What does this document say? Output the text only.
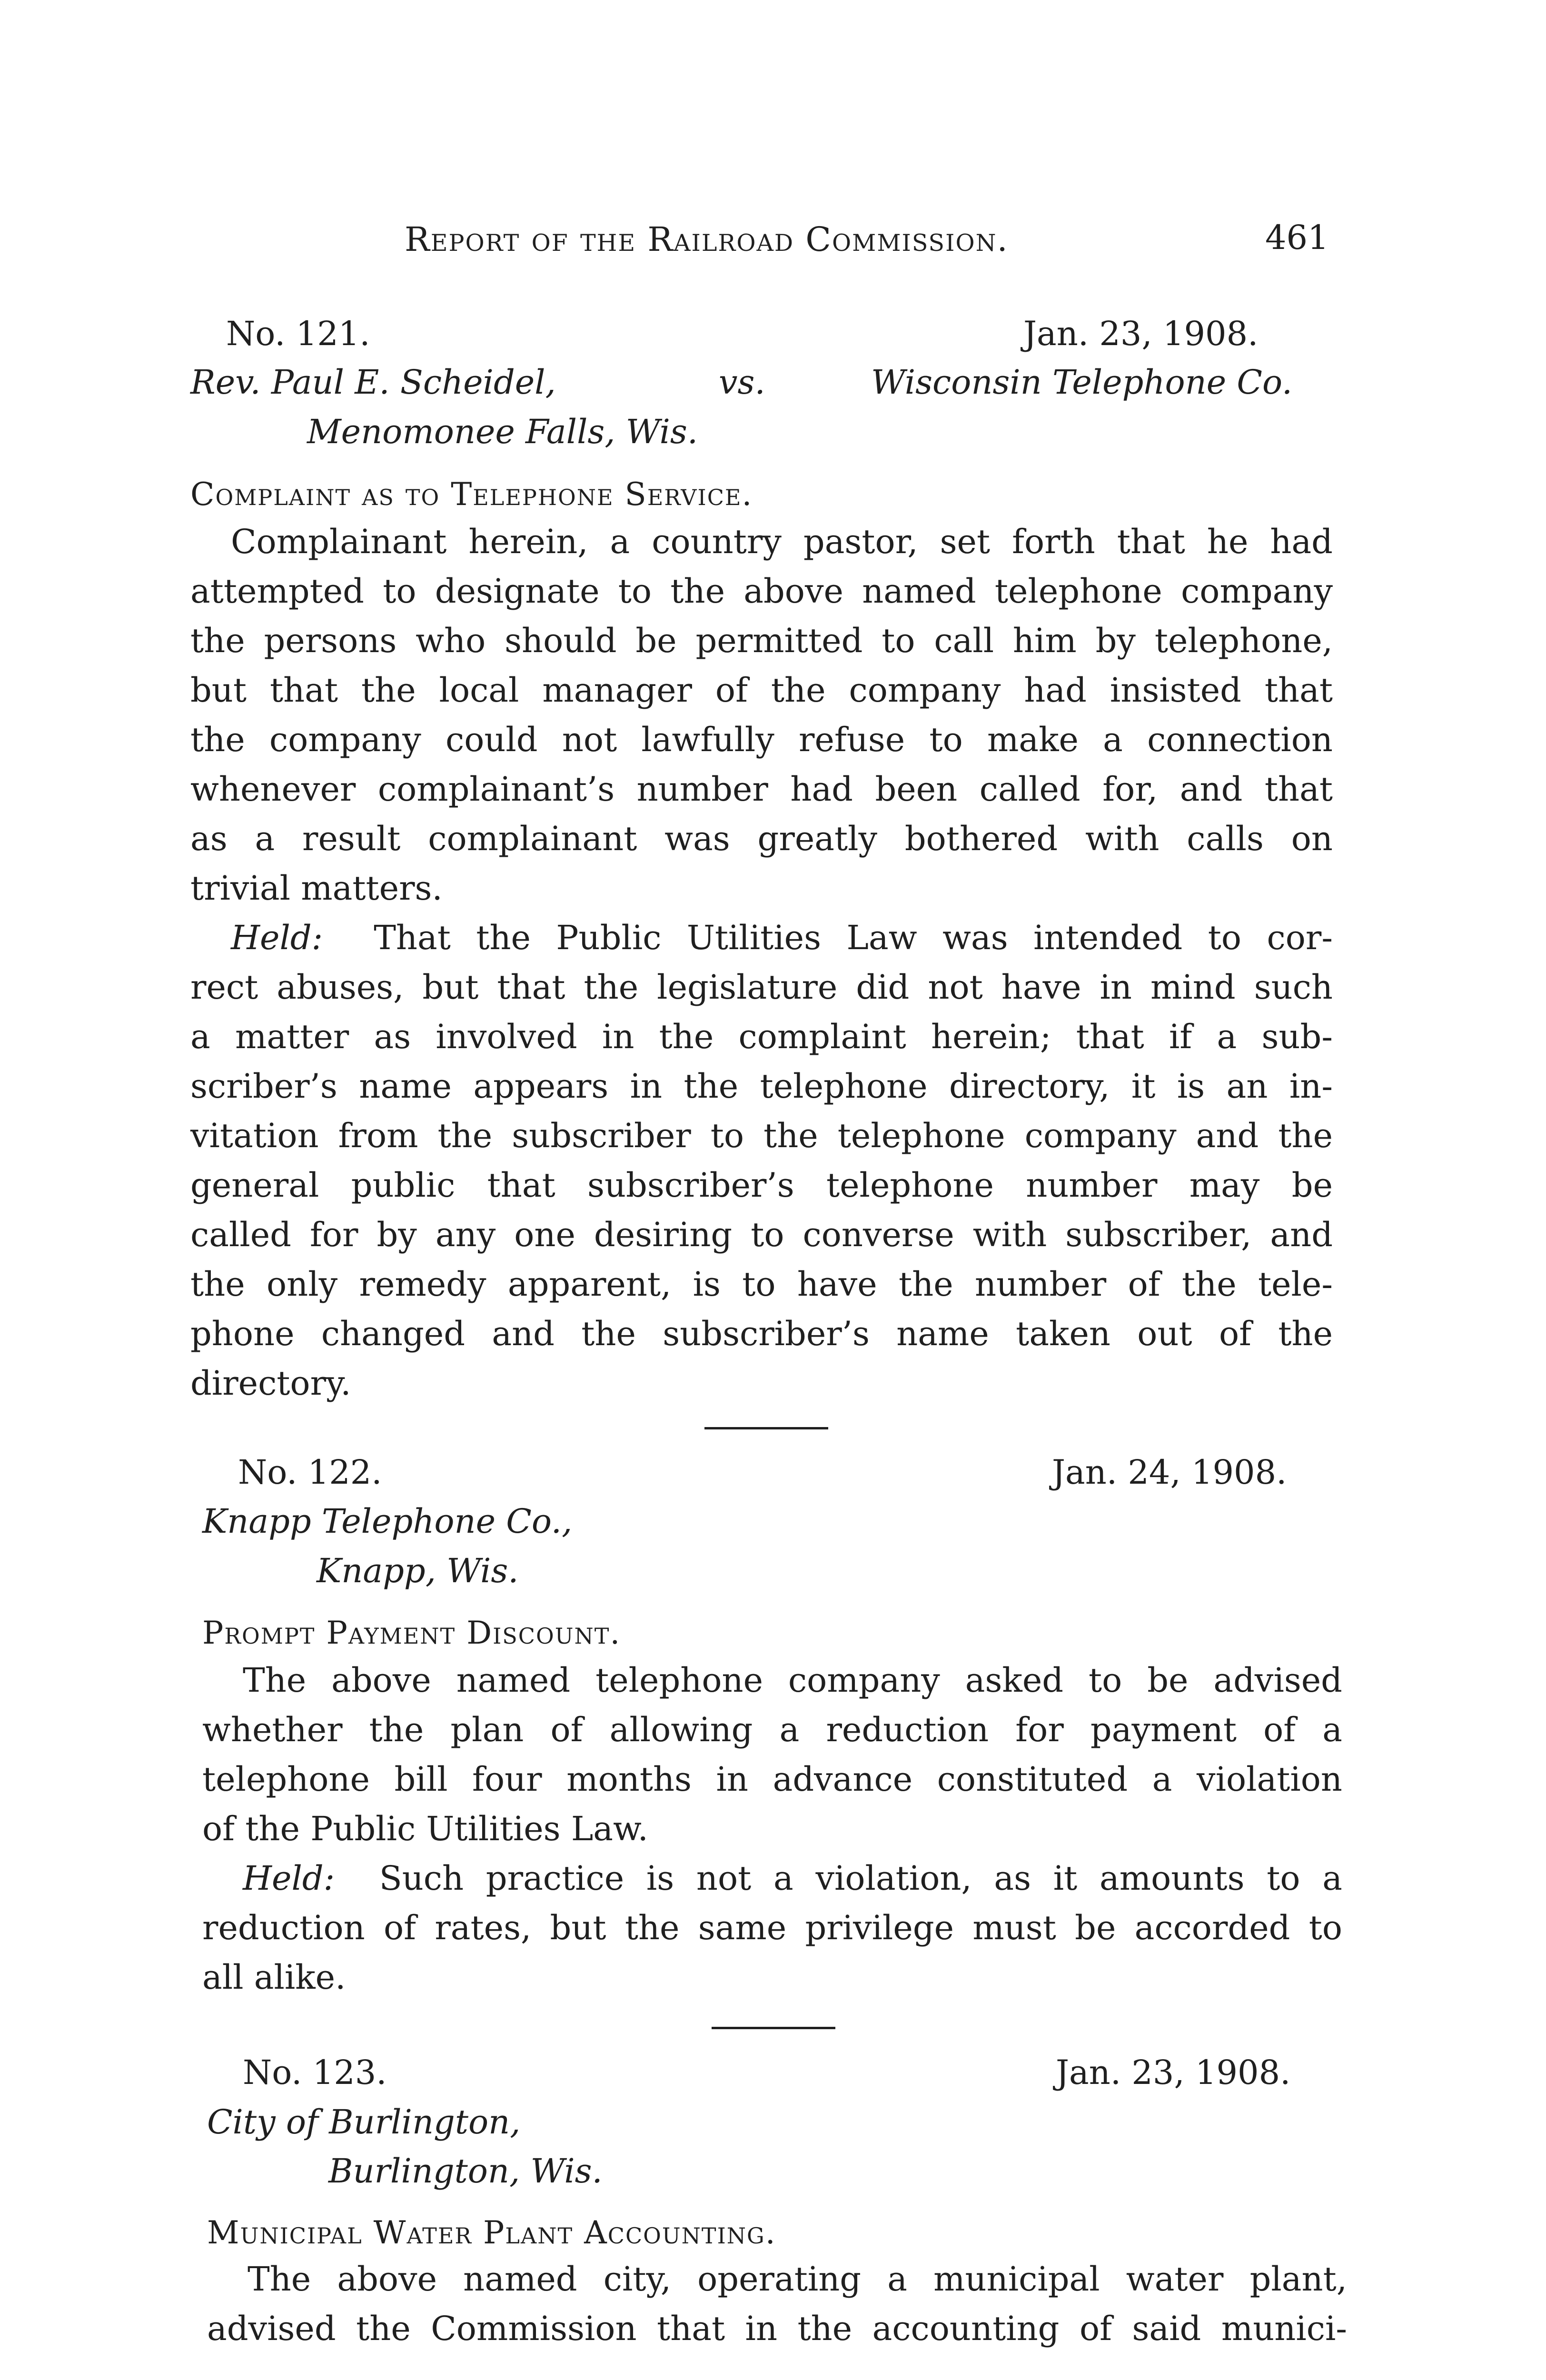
Report of the Railroad Commission.	461
No. 121.	Jan. 23, 1908.
Rev. Paul E. Scheidel,	vs.	Wisconsin Telephone Co.
Menomonee Falls, Wis.
Complaint as to Telephone Service.
Complainant herein, a country pastor, set forth that he had
attempted to designate to the above named telephone company
the persons who should be permitted to call him by telephone,
but that the local manager of the company had insisted that
the company could not lawfully refuse to make a connection
whenever complainant’s number had been called for, and that
as a result complainant was greatly bothered with calls on
trivial matters.
Held: That the Public Utilities Law was intended to cor-
rect abuses, but that the legislature did not have in mind such
a matter as involved in the complaint herein; that if a sub-
scriber’s name appears in the telephone directory, it is an in-
vitation from the subscriber to the telephone company and the
general public that subscriber’s telephone number may be
called for by any one desiring to converse with subscriber, and
the only remedy apparent, is to have the number of the tele-
phone changed and the subscriber’s name taken out of the
directory.
No. 122.	Jan. 24, 1908.
Knapp Telephone Co.,
Knapp, Wis.
Prompt Payment Discount.
The above named telephone company asked to be advised
whether the plan of allowing a reduction for payment of a
telephone bill four months in advance constituted a violation
of the Public Utilities Law.
Held: Such practice is not a violation, as it amounts to a
reduction of rates, but the same privilege must be accorded to
all alike.
No. 123.	Jan. 23, 1908.
City of Burlington,
Burlington, Wis.
Municipal Water Plant Accounting.
The above named city, operating a municipal water plant,
advised the Commission that in the accounting of said munici-
